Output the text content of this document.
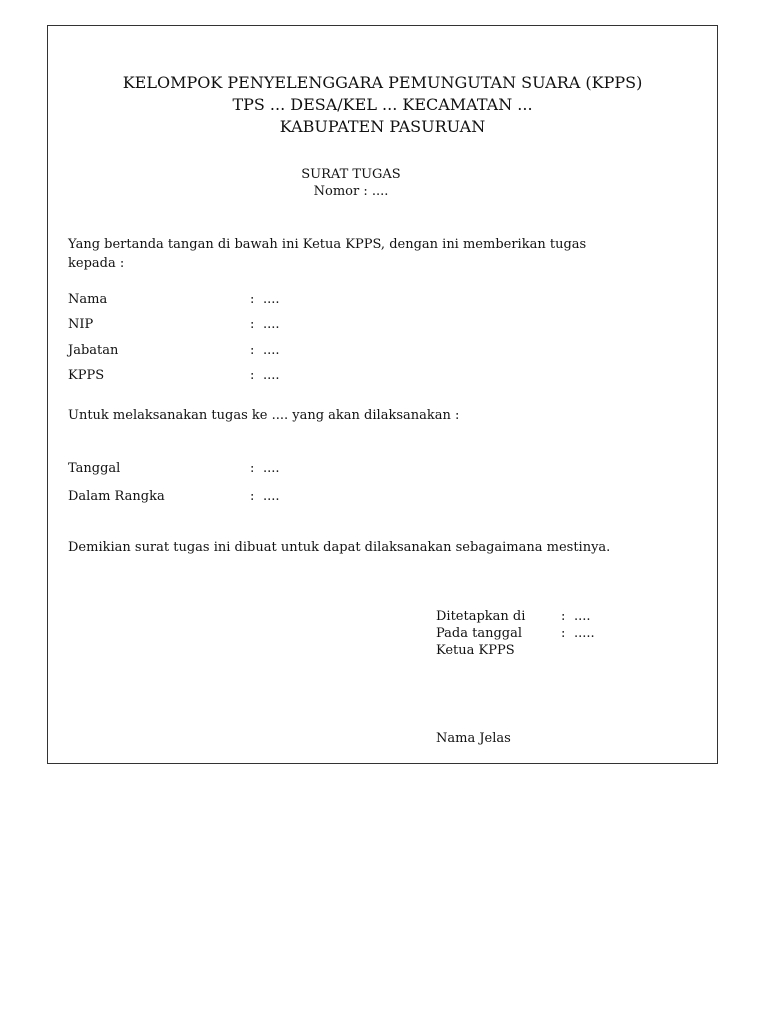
KELOMPOK PENYELENGGARA PEMUNGUTAN SUARA (KPPS)
TPS ... DESA/KEL ... KECAMATAN ...
KABUPATEN PASURUAN
SURAT TUGAS
Nomor : ....
Yang bertanda tangan di bawah ini Ketua KPPS, dengan ini memberikan tugas kepada :
Nama	: ....
NIP	: ....
Jabatan	: ....
KPPS	: ....
Untuk melaksanakan tugas ke .... yang akan dilaksanakan :
Tanggal	: ....
Dalam Rangka	: ....
Demikian surat tugas ini dibuat untuk dapat dilaksanakan sebagaimana mestinya.
Ditetapkan di	: ....
Pada tanggal	: .....
Ketua KPPS
Nama Jelas
